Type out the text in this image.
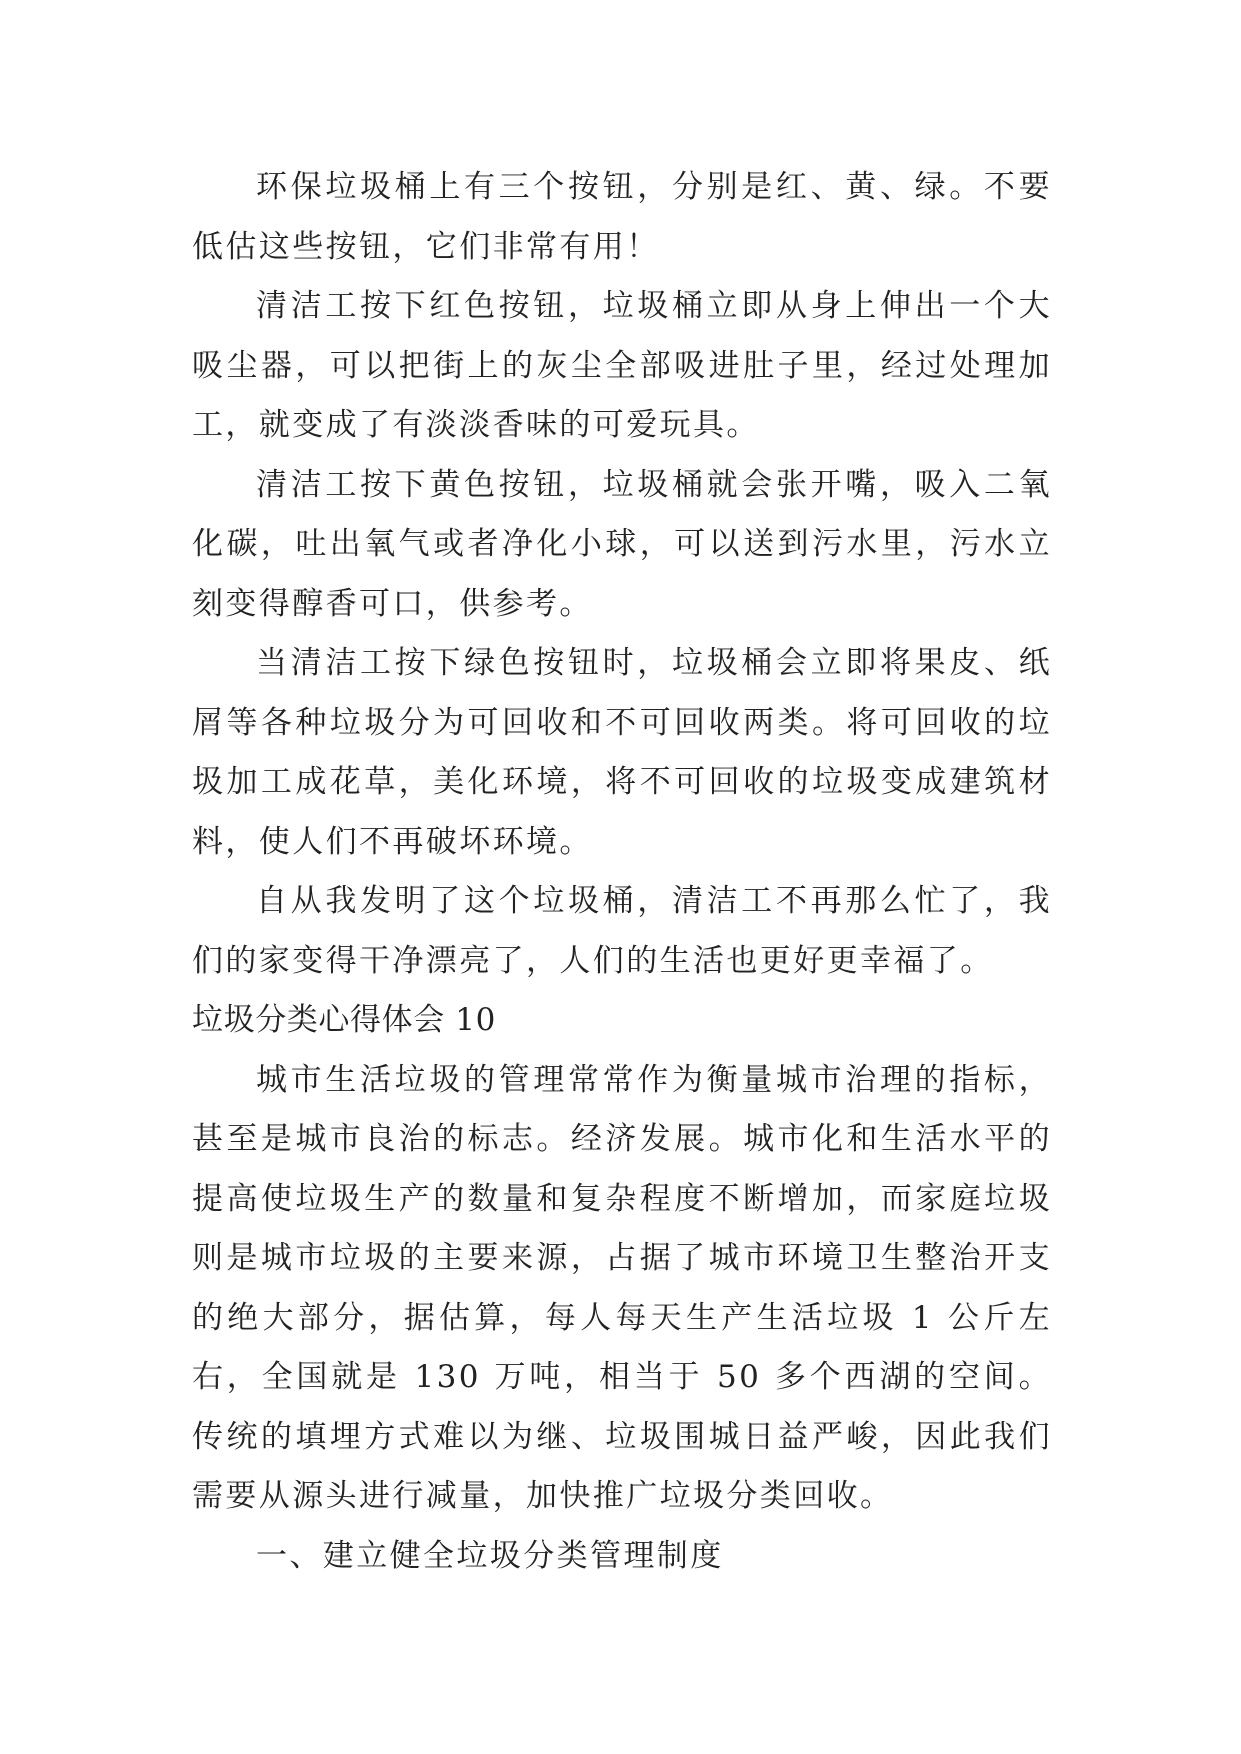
环保垃圾桶上有三个按钮，分别是红、黄、绿。不要低估这些按钮，它们非常有用！

清洁工按下红色按钮，垃圾桶立即从身上伸出一个大吸尘器，可以把街上的灰尘全部吸进肚子里，经过处理加工，就变成了有淡淡香味的可爱玩具。

清洁工按下黄色按钮，垃圾桶就会张开嘴，吸入二氧化碳，吐出氧气或者净化小球，可以送到污水里，污水立刻变得醇香可口，供参考。

当清洁工按下绿色按钮时，垃圾桶会立即将果皮、纸屑等各种垃圾分为可回收和不可回收两类。将可回收的垃圾加工成花草，美化环境，将不可回收的垃圾变成建筑材料，使人们不再破坏环境。

自从我发明了这个垃圾桶，清洁工不再那么忙了，我们的家变得干净漂亮了，人们的生活也更好更幸福了。

垃圾分类心得体会 10

城市生活垃圾的管理常常作为衡量城市治理的指标，甚至是城市良治的标志。经济发展。城市化和生活水平的提高使垃圾生产的数量和复杂程度不断增加，而家庭垃圾则是城市垃圾的主要来源，占据了城市环境卫生整治开支的绝大部分，据估算，每人每天生产生活垃圾 1 公斤左右，全国就是 130 万吨，相当于 50 多个西湖的空间。传统的填埋方式难以为继、垃圾围城日益严峻，因此我们需要从源头进行减量，加快推广垃圾分类回收。

一、建立健全垃圾分类管理制度
